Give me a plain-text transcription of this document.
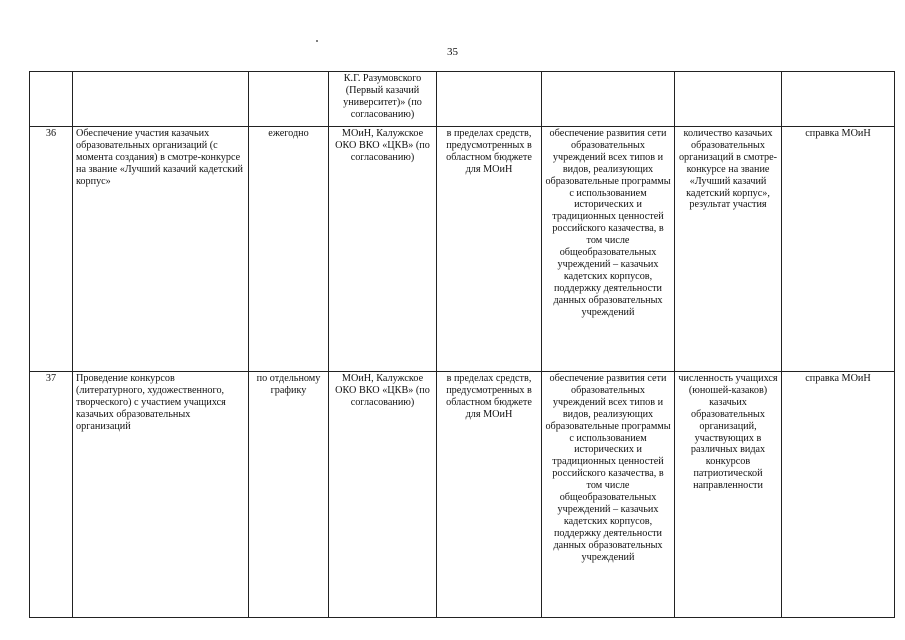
35
			К.Г. Разумовского (Первый казачий университет)» (по согласованию)				
36	Обеспечение участия казачьих образовательных организаций (с момента создания) в смотре-конкурсе на звание «Лучший казачий кадетский корпус»	ежегодно	МОиН, Калужское ОКО ВКО «ЦКВ» (по согласованию)	в пределах средств, предусмотренных в областном бюджете для МОиН	обеспечение развития сети образовательных учреждений всех типов и видов, реализующих образовательные программы с использованием исторических и традиционных ценностей российского казачества, в том числе общеобразовательных учреждений – казачьих кадетских корпусов, поддержку деятельности данных образовательных учреждений	количество казачьих образовательных организаций в смотре-конкурсе на звание «Лучший казачий кадетский корпус», результат участия	справка МОиН
37	Проведение конкурсов (литературного, художественного, творческого) с участием учащихся казачьих образовательных организаций	по отдельному графику	МОиН, Калужское ОКО ВКО «ЦКВ» (по согласованию)	в пределах средств, предусмотренных в областном бюджете для МОиН	обеспечение развития сети образовательных учреждений всех типов и видов, реализующих образовательные программы с использованием исторических и традиционных ценностей российского казачества, в том числе общеобразовательных учреждений – казачьих кадетских корпусов, поддержку деятельности данных образовательных учреждений	численность учащихся (юношей-казаков) казачьих образовательных организаций, участвующих в различных видах конкурсов патриотической направленности	справка МОиН
